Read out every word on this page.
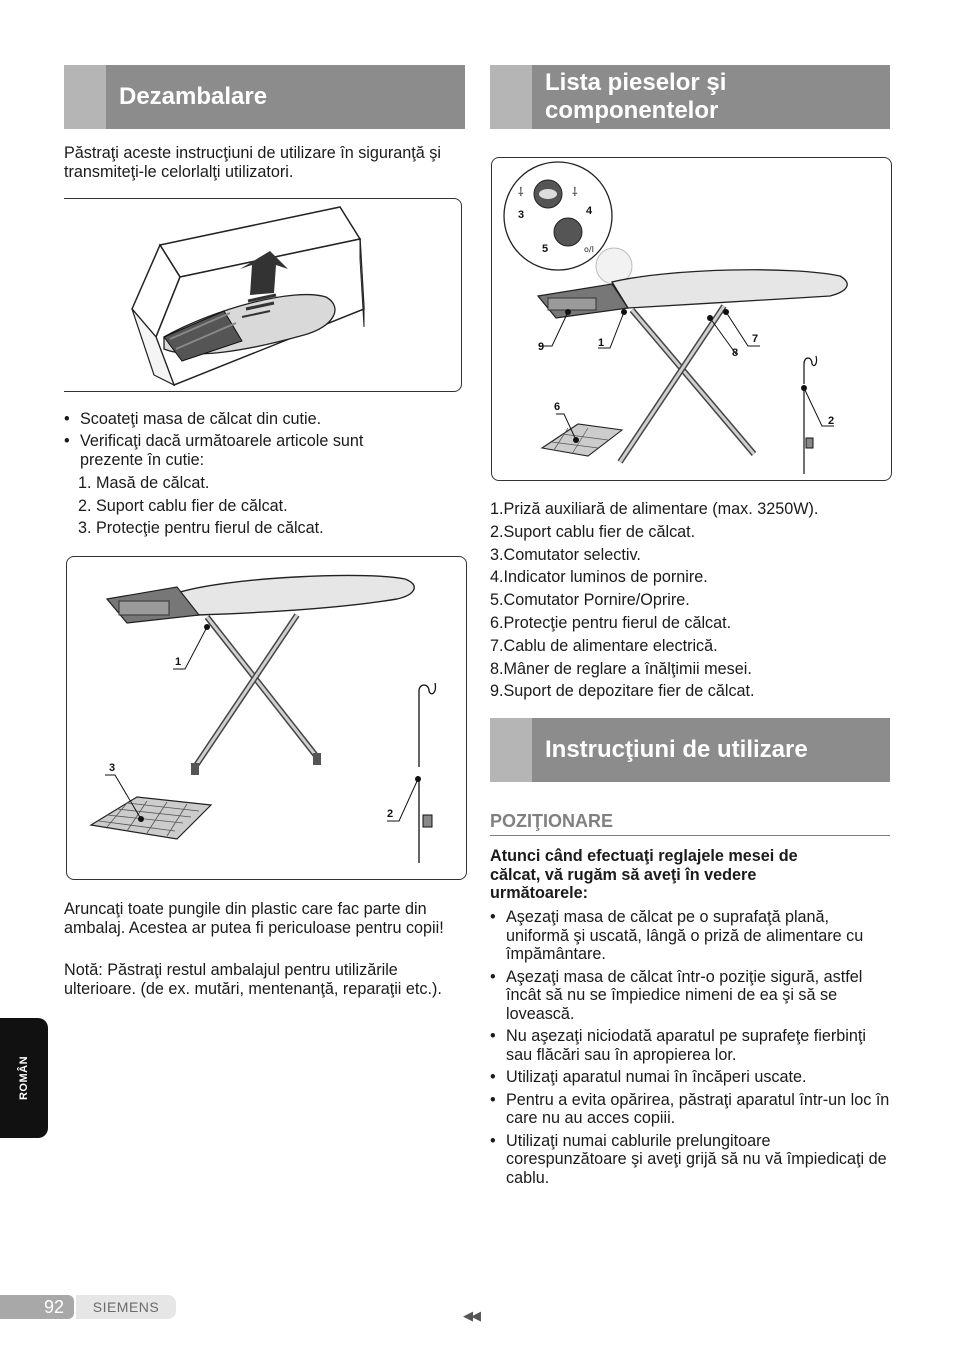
Dezambalare
Păstraţi aceste instrucţiuni de utilizare în siguranţă şi transmiteţi-le celorlalţi utilizatori.
• Scoateţi masa de călcat din cutie.
• Verificaţi dacă următoarele articole sunt prezente în cutie:
1. Masă de călcat.
2. Suport cablu fier de călcat.
3. Protecţie pentru fierul de călcat.
1
3
2
Aruncaţi toate pungile din plastic care fac parte din ambalaj. Acestea ar putea fi periculoase pentru copii!
Notă: Păstraţi restul ambalajul pentru utilizările ulterioare. (de ex. mutări, mentenanţă, reparaţii etc.).
Lista pieselor şi componentelor
⸸	⸸
o/I
3	4
5
9	1
8
7
6
2
1.Priză auxiliară de alimentare (max. 3250W).
2.Suport cablu fier de călcat.
3.Comutator selectiv.
4.Indicator luminos de pornire.
5.Comutator Pornire/Oprire.
6.Protecţie pentru fierul de călcat.
7.Cablu de alimentare electrică.
8.Mâner de reglare a înălţimii mesei.
9.Suport de depozitare fier de călcat.
Instrucţiuni de utilizare
POZIŢIONARE
Atunci când efectuaţi reglajele mesei de călcat, vă rugăm să aveţi în vedere următoarele:
• Aşezaţi masa de călcat pe o suprafaţă plană, uniformă şi uscată, lângă o priză de alimentare cu împământare.
• Aşezaţi masa de călcat într-o poziţie sigură, astfel încât să nu se împiedice nimeni de ea şi să se lovească.
• Nu aşezaţi niciodată aparatul pe suprafeţe fierbinţi sau flăcări sau în apropierea lor.
• Utilizaţi aparatul numai în încăperi uscate.
• Pentru a evita opărirea, păstraţi aparatul într-un loc în care nu au acces copiii.
• Utilizaţi numai cablurile prelungitoare corespunzătoare şi aveţi grijă să nu vă împiedicaţi de cablu.
ROMÂN
92	SIEMENS
◀◀
